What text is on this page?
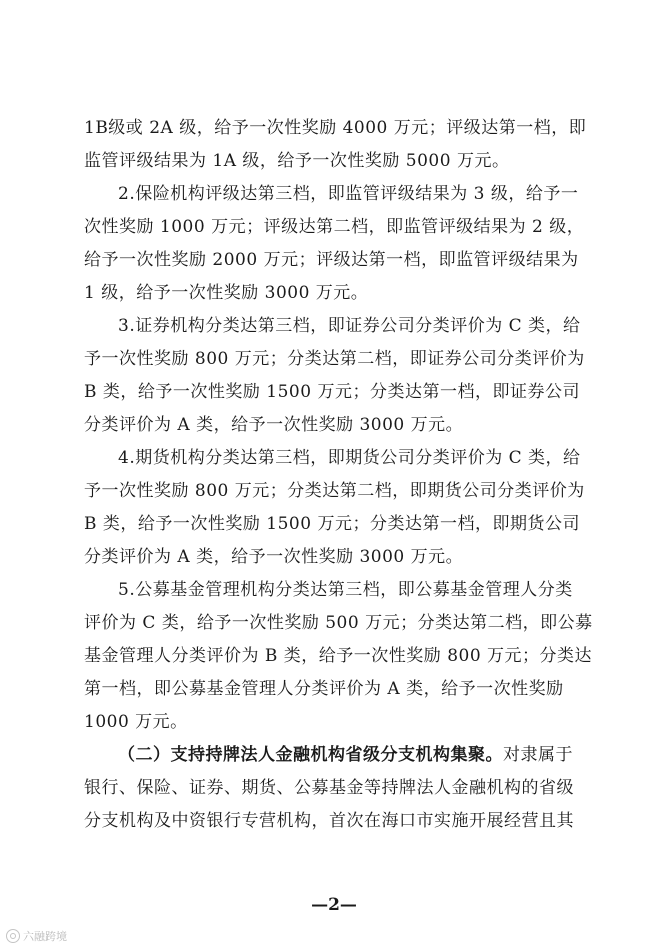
1B级或 2A 级，给予一次性奖励 4000 万元；评级达第一档，即
监管评级结果为 1A 级，给予一次性奖励 5000 万元。
2.保险机构评级达第三档，即监管评级结果为 3 级，给予一
次性奖励 1000 万元；评级达第二档，即监管评级结果为 2 级，
给予一次性奖励 2000 万元；评级达第一档，即监管评级结果为
1 级，给予一次性奖励 3000 万元。
3.证券机构分类达第三档，即证券公司分类评价为 C 类，给
予一次性奖励 800 万元；分类达第二档，即证券公司分类评价为
B 类，给予一次性奖励 1500 万元；分类达第一档，即证券公司
分类评价为 A 类，给予一次性奖励 3000 万元。
4.期货机构分类达第三档，即期货公司分类评价为 C 类，给
予一次性奖励 800 万元；分类达第二档，即期货公司分类评价为
B 类，给予一次性奖励 1500 万元；分类达第一档，即期货公司
分类评价为 A 类，给予一次性奖励 3000 万元。
5.公募基金管理机构分类达第三档，即公募基金管理人分类
评价为 C 类，给予一次性奖励 500 万元；分类达第二档，即公募
基金管理人分类评价为 B 类，给予一次性奖励 800 万元；分类达
第一档，即公募基金管理人分类评价为 A 类，给予一次性奖励
1000 万元。
（二）支持持牌法人金融机构省级分支机构集聚。对隶属于
银行、保险、证券、期货、公募基金等持牌法人金融机构的省级
分支机构及中资银行专营机构，首次在海口市实施开展经营且其
—2—
六融跨境
